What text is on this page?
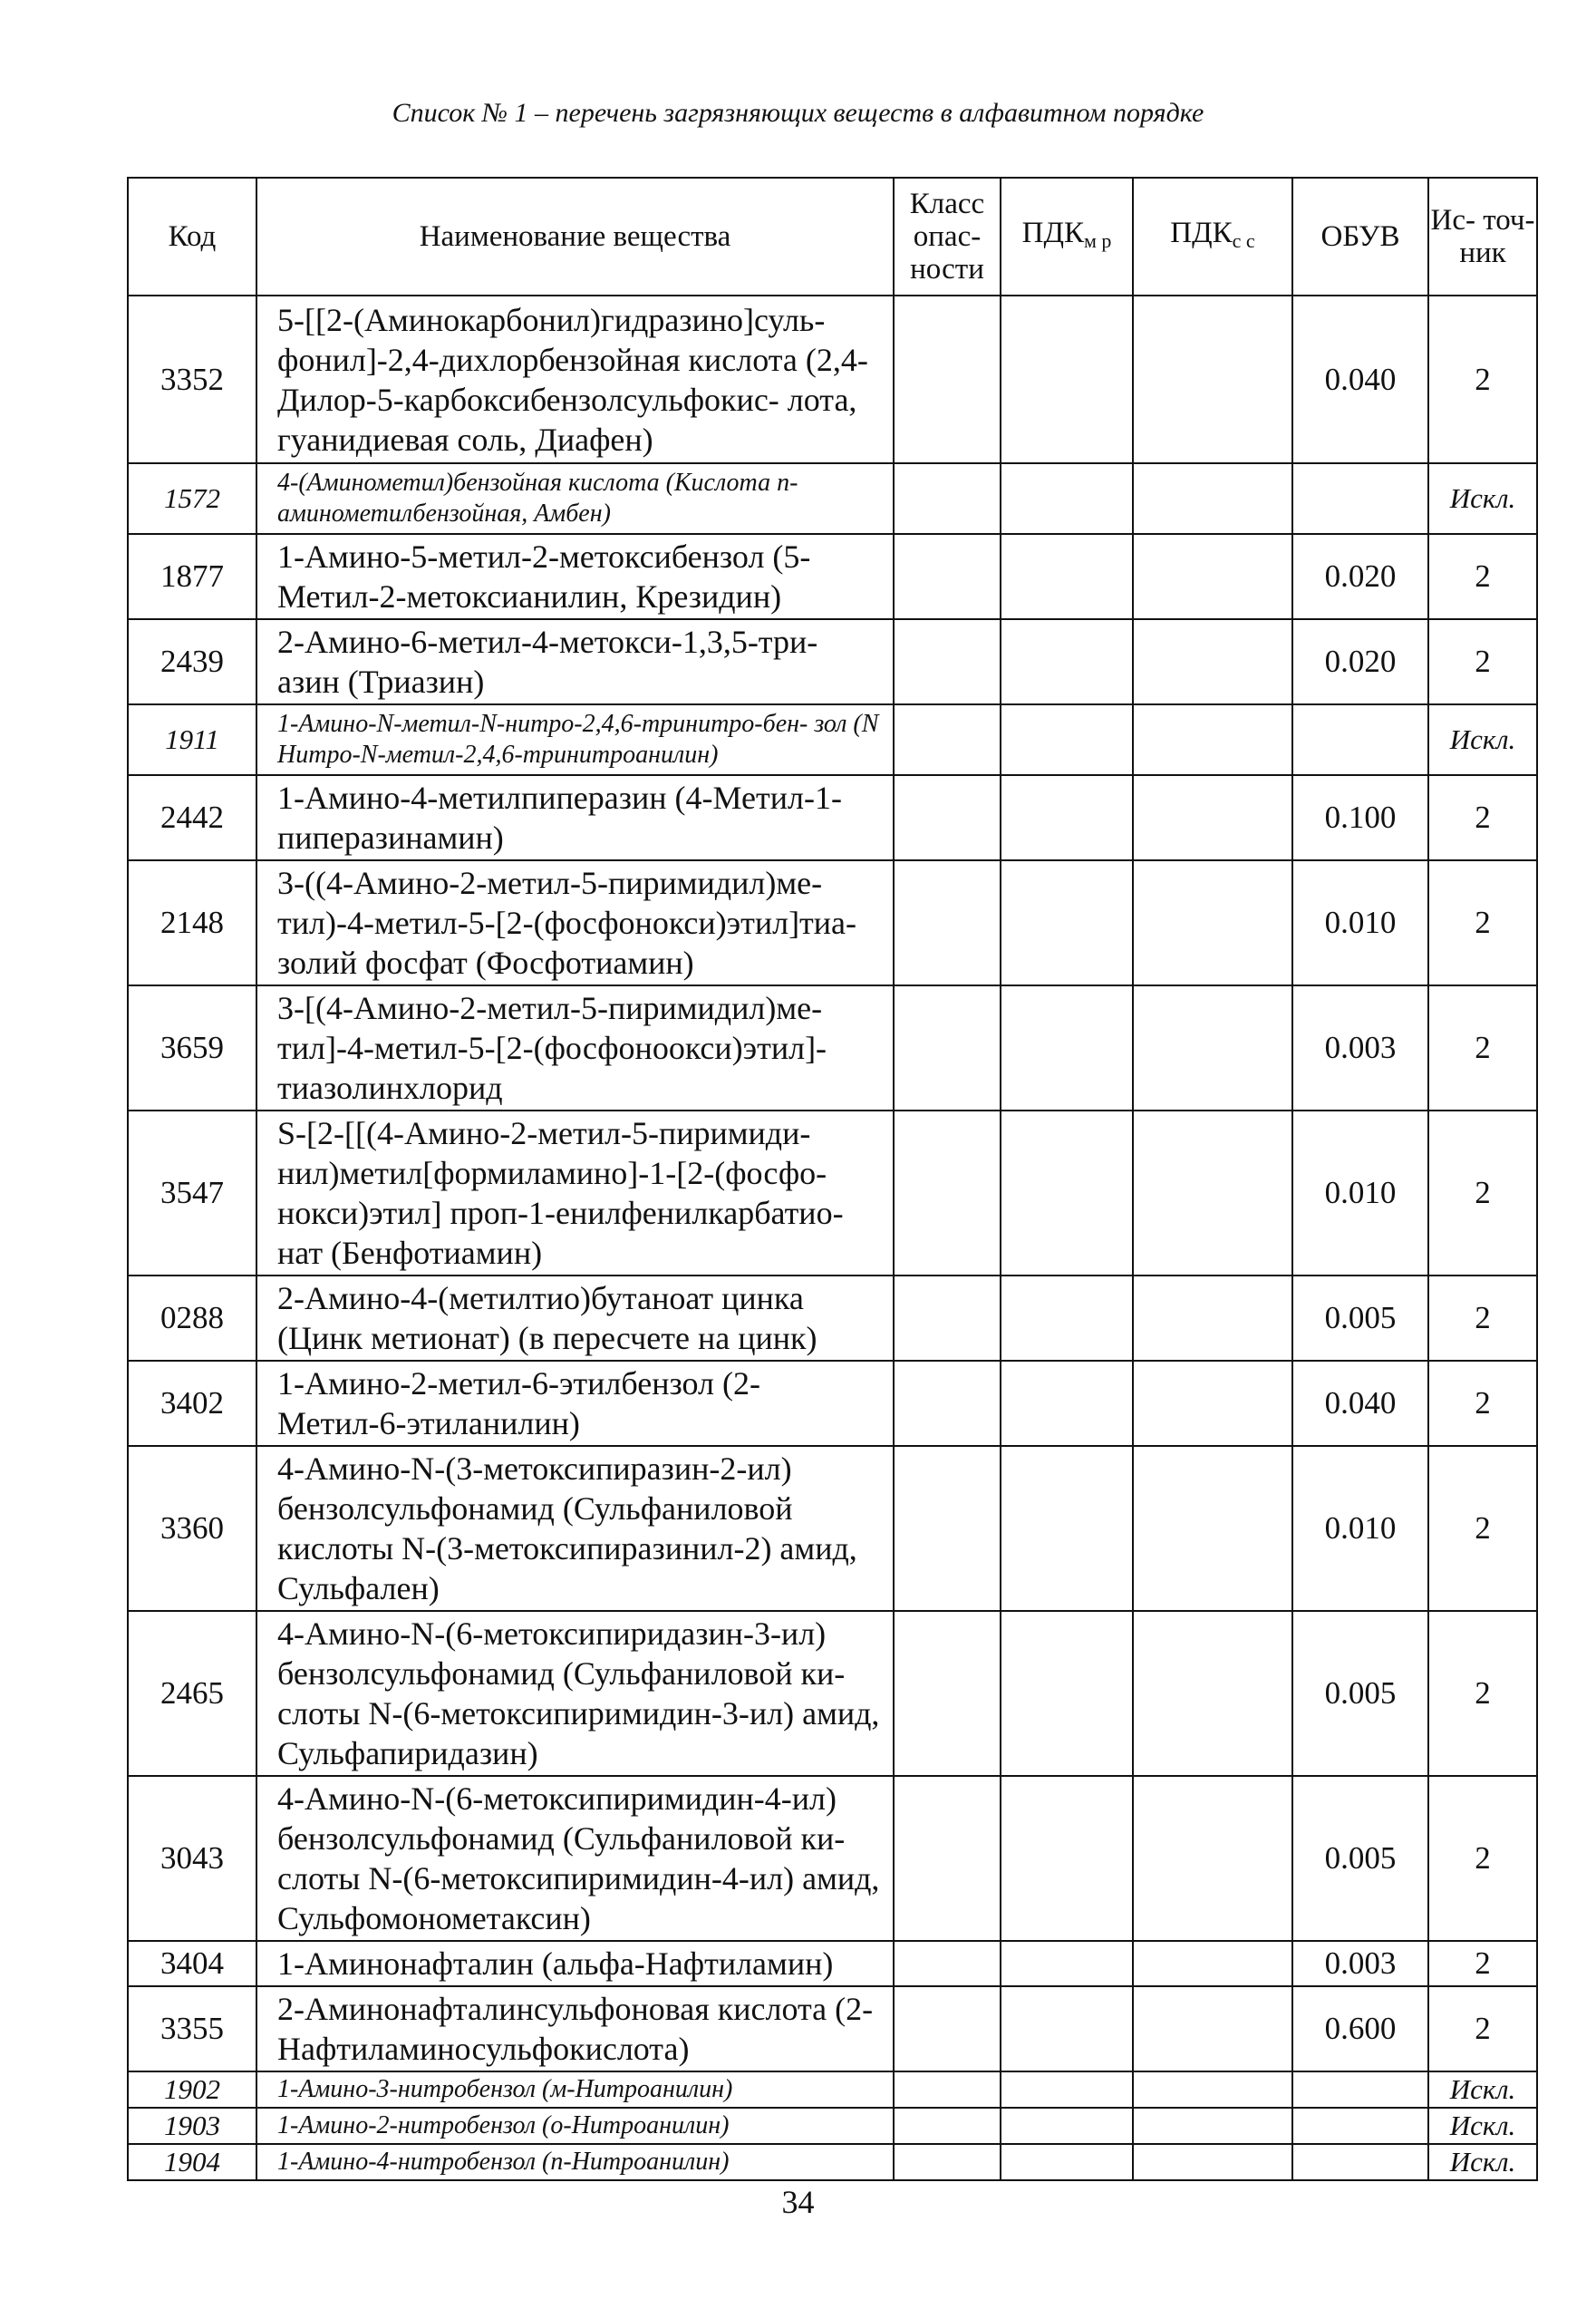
Список № 1 – перечень загрязняющих веществ в алфавитном порядке
Код	Наименование вещества	Класс опас- ности	$ПДК_{м р}$	$ПДК_{с с}$	ОБУВ	Ис- точ- ник
3352	5-[[2-(Аминокарбонил)гидразино]суль- фонил]-2,4-дихлорбензойная кислота (2,4-Дилор-5-карбоксибензолсульфокис- лота, гуанидиевая соль, Диафен)				0.040	2
1572	4-(Аминометил)бензойная кислота (Кислота п-аминометилбензойная, Амбен)					Искл.
1877	1-Амино-5-метил-2-метоксибензол (5-Метил-2-метоксианилин, Крезидин)				0.020	2
2439	2-Амино-6-метил-4-метокси-1,3,5-три- азин (Триазин)				0.020	2
1911	1-Амино-N-метил-N-нитро-2,4,6-тринитро-бен- зол (N Нитро-N-метил-2,4,6-тринитроанилин)					Искл.
2442	1-Амино-4-метилпиперазин (4-Метил-1-пиперазинамин)				0.100	2
2148	3-((4-Амино-2-метил-5-пиримидил)ме- тил)-4-метил-5-[2-(фосфонокси)этил]тиа- золий фосфат (Фосфотиамин)				0.010	2
3659	3-[(4-Амино-2-метил-5-пиримидил)ме- тил]-4-метил-5-[2-(фосфоноокси)этил]- тиазолинхлорид				0.003	2
3547	S-[2-[[(4-Амино-2-метил-5-пиримиди- нил)метил[формиламино]-1-[2-(фосфо- нокси)этил] проп-1-енилфенилкарбатио- нат (Бенфотиамин)				0.010	2
0288	2-Амино-4-(метилтио)бутаноат цинка (Цинк метионат) (в пересчете на цинк)				0.005	2
3402	1-Амино-2-метил-6-этилбензол (2-Метил-6-этиланилин)				0.040	2
3360	4-Амино-N-(3-метоксипиразин-2-ил) бензолсульфонамид (Сульфаниловой кислоты N-(3-метоксипиразинил-2) амид, Сульфален)				0.010	2
2465	4-Амино-N-(6-метоксипиридазин-3-ил) бензолсульфонамид (Сульфаниловой ки- слоты N-(6-метоксипиримидин-3-ил) амид, Сульфапиридазин)				0.005	2
3043	4-Амино-N-(6-метоксипиримидин-4-ил) бензолсульфонамид (Сульфаниловой ки- слоты N-(6-метоксипиримидин-4-ил) амид, Сульфомонометаксин)				0.005	2
3404	1-Аминонафталин (альфа-Нафтиламин)				0.003	2
3355	2-Аминонафталинсульфоновая кислота (2-Нафтиламиносульфокислота)				0.600	2
1902	1-Амино-3-нитробензол (м-Нитроанилин)					Искл.
1903	1-Амино-2-нитробензол (о-Нитроанилин)					Искл.
1904	1-Амино-4-нитробензол (п-Нитроанилин)					Искл.
34
